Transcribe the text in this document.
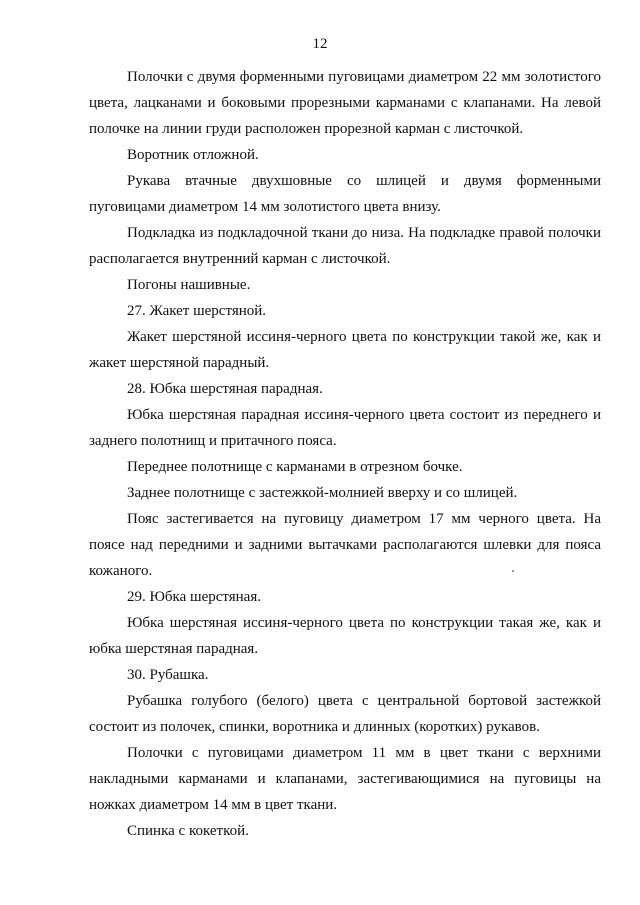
12

Полочки с двумя форменными пуговицами диаметром 22 мм золотистого цвета, лацканами и боковыми прорезными карманами с клапанами. На левой полочке на линии груди расположен прорезной карман с листочкой.

Воротник отложной.

Рукава втачные двухшовные со шлицей и двумя форменными пуговицами диаметром 14 мм золотистого цвета внизу.

Подкладка из подкладочной ткани до низа. На подкладке правой полочки располагается внутренний карман с листочкой.

Погоны нашивные.

27. Жакет шерстяной.

Жакет шерстяной иссиня-черного цвета по конструкции такой же, как и жакет шерстяной парадный.

28. Юбка шерстяная парадная.

Юбка шерстяная парадная иссиня-черного цвета состоит из переднего и заднего полотнищ и притачного пояса.

Переднее полотнище с карманами в отрезном бочке.

Заднее полотнище с застежкой-молнией вверху и со шлицей.

Пояс застегивается на пуговицу диаметром 17 мм черного цвета. На поясе над передними и задними вытачками располагаются шлевки для пояса кожаного.

29. Юбка шерстяная.

Юбка шерстяная иссиня-черного цвета по конструкции такая же, как и юбка шерстяная парадная.

30. Рубашка.

Рубашка голубого (белого) цвета с центральной бортовой застежкой состоит из полочек, спинки, воротника и длинных (коротких) рукавов.

Полочки с пуговицами диаметром 11 мм в цвет ткани с верхними накладными карманами и клапанами, застегивающимися на пуговицы на ножках диаметром 14 мм в цвет ткани.

Спинка с кокеткой.
